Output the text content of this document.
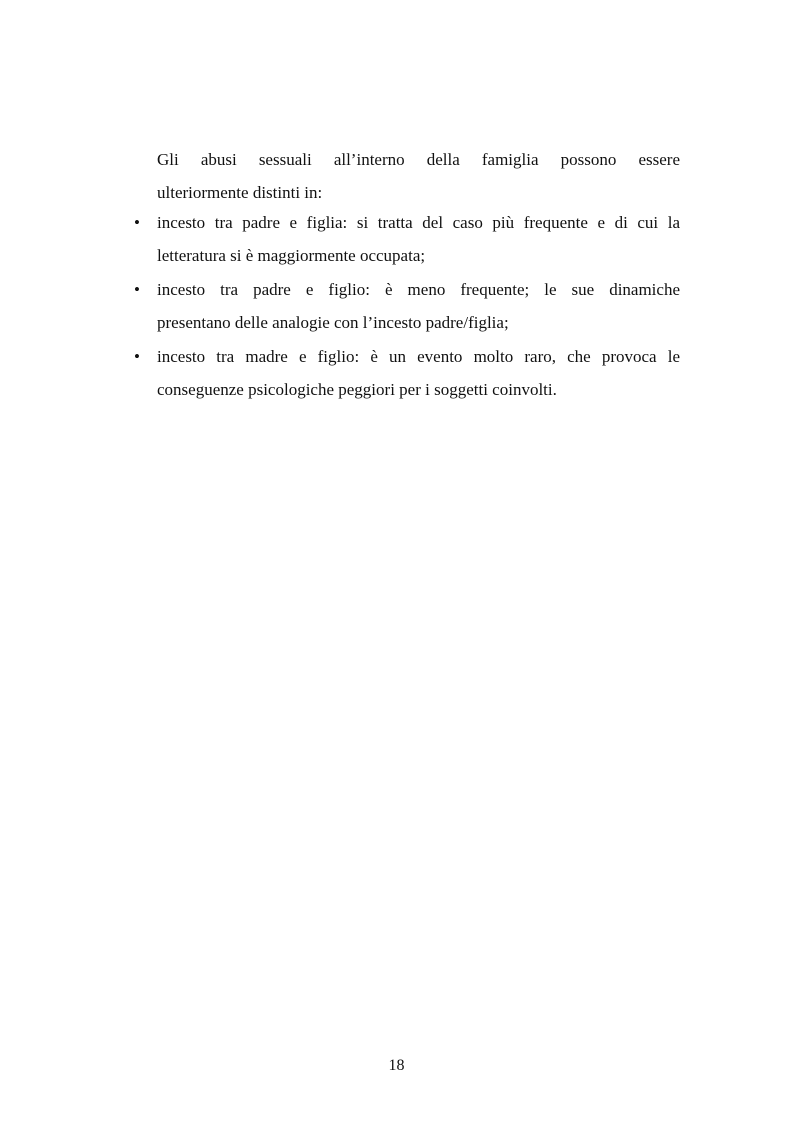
Gli abusi sessuali all’interno della famiglia possono essere
ulteriormente distinti in:

• incesto tra padre e figlia: si tratta del caso più frequente e di cui la
letteratura si è maggiormente occupata;
• incesto tra padre e figlio: è meno frequente; le sue dinamiche
presentano delle analogie con l’incesto padre/figlia;
• incesto tra madre e figlio: è un evento molto raro, che provoca le
conseguenze psicologiche peggiori per i soggetti coinvolti.
18
